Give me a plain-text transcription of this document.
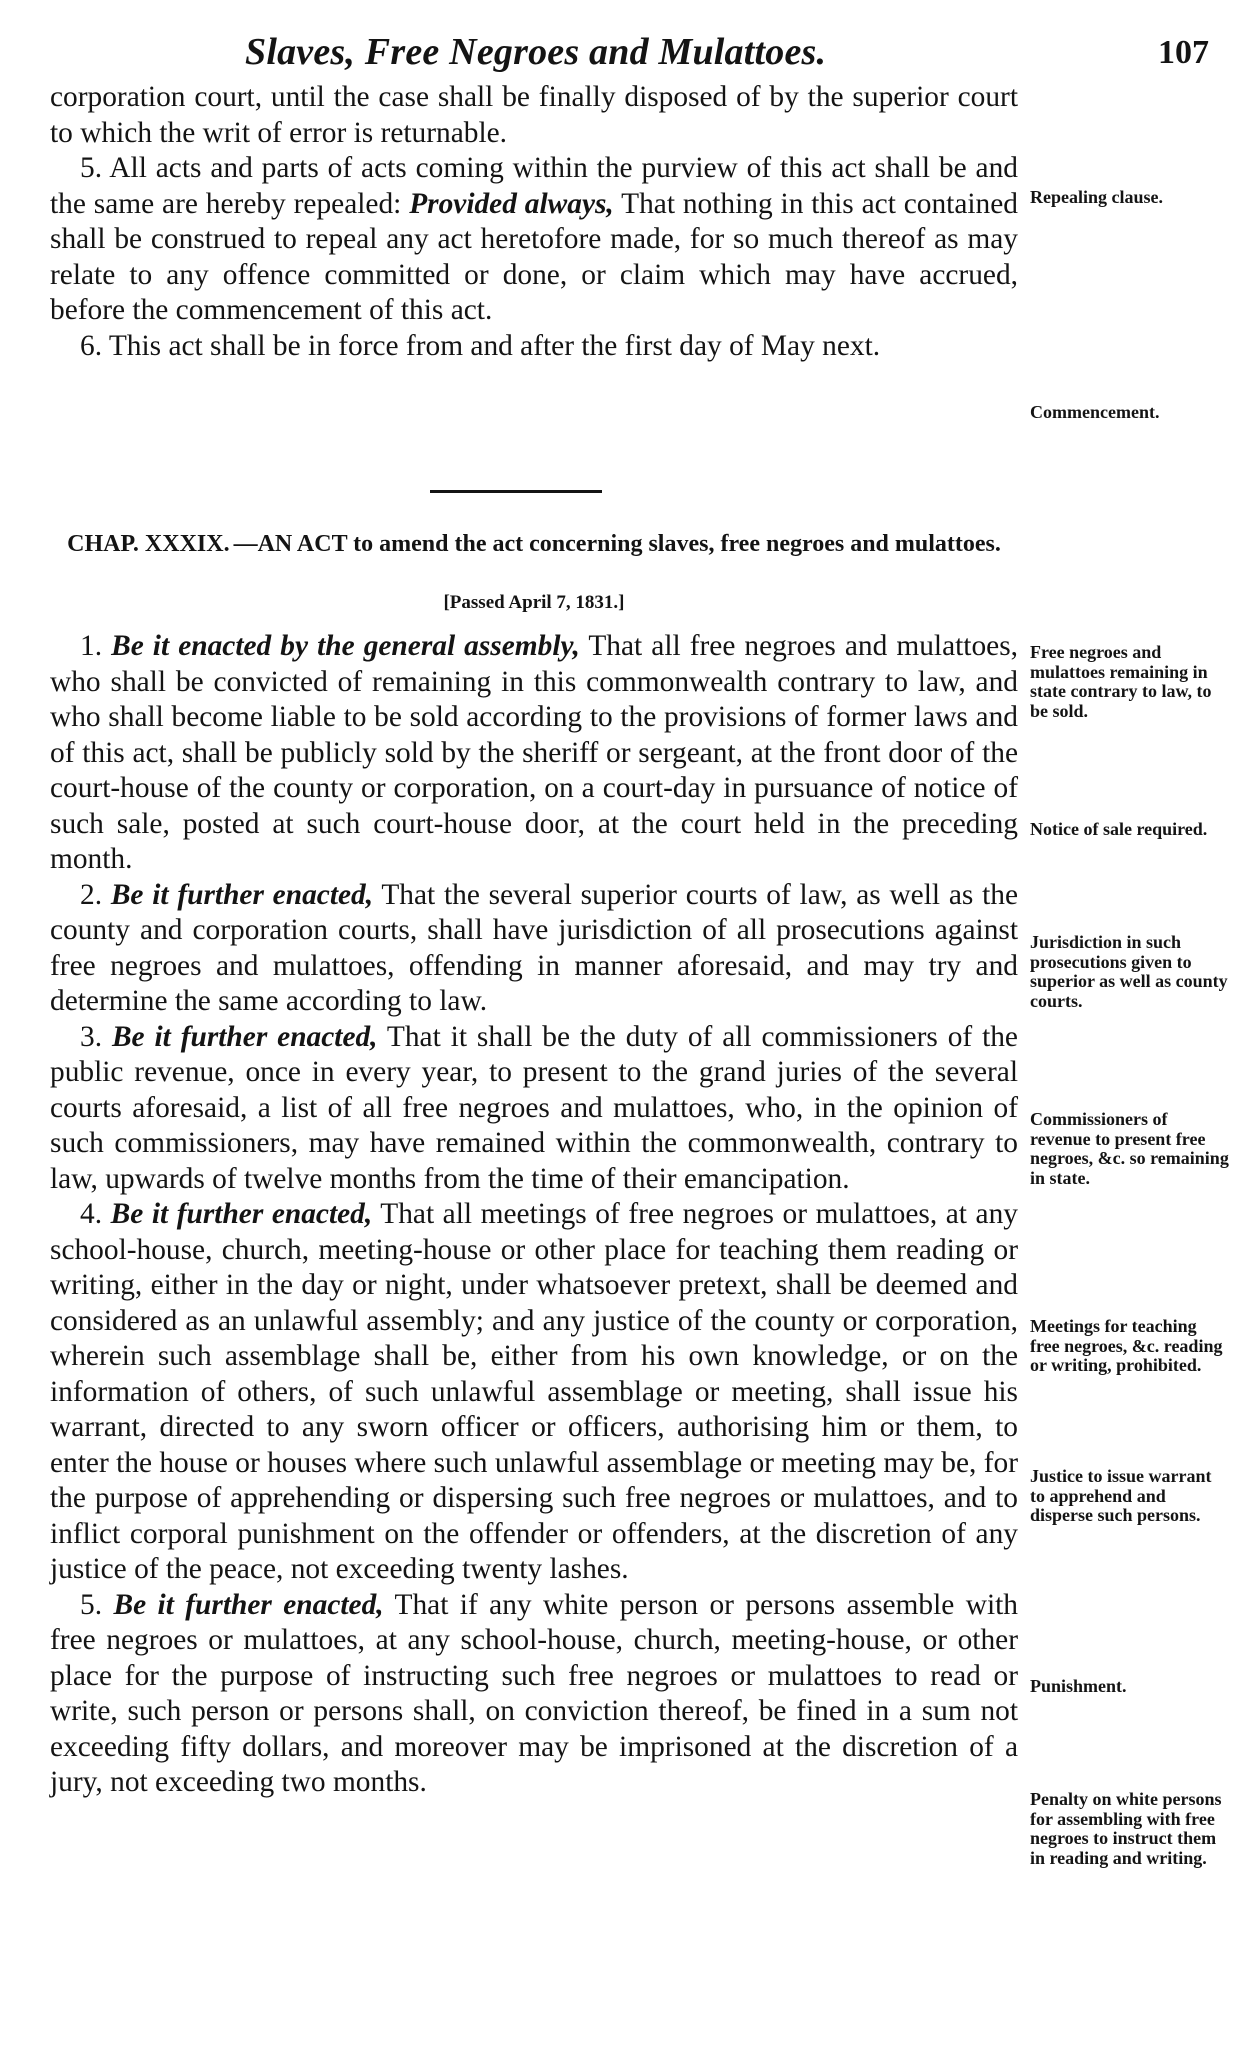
Slaves, Free Negroes and Mulattoes.	107

corporation court, until the case shall be finally disposed of by the superior court to which the writ of error is returnable.

5. All acts and parts of acts coming within the purview of this act shall be and the same are hereby repealed: Provided always, That nothing in this act contained shall be construed to repeal any act heretofore made, for so much thereof as may relate to any offence committed or done, or claim which may have accrued, before the commencement of this act.

6. This act shall be in force from and after the first day of May next.

CHAP. XXXIX. —AN ACT to amend the act concerning slaves, free negroes and mulattoes.
[Passed April 7, 1831.]

1. Be it enacted by the general assembly, That all free negroes and mulattoes, who shall be convicted of remaining in this commonwealth contrary to law, and who shall become liable to be sold according to the provisions of former laws and of this act, shall be publicly sold by the sheriff or sergeant, at the front door of the court-house of the county or corporation, on a court-day in pursuance of notice of such sale, posted at such court-house door, at the court held in the preceding month.

2. Be it further enacted, That the several superior courts of law, as well as the county and corporation courts, shall have jurisdiction of all prosecutions against free negroes and mulattoes, offending in manner aforesaid, and may try and determine the same according to law.

3. Be it further enacted, That it shall be the duty of all commissioners of the public revenue, once in every year, to present to the grand juries of the several courts aforesaid, a list of all free negroes and mulattoes, who, in the opinion of such commissioners, may have remained within the commonwealth, contrary to law, upwards of twelve months from the time of their emancipation.

4. Be it further enacted, That all meetings of free negroes or mulattoes, at any school-house, church, meeting-house or other place for teaching them reading or writing, either in the day or night, under whatsoever pretext, shall be deemed and considered as an unlawful assembly; and any justice of the county or corporation, wherein such assemblage shall be, either from his own knowledge, or on the information of others, of such unlawful assemblage or meeting, shall issue his warrant, directed to any sworn officer or officers, authorising him or them, to enter the house or houses where such unlawful assemblage or meeting may be, for the purpose of apprehending or dispersing such free negroes or mulattoes, and to inflict corporal punishment on the offender or offenders, at the discretion of any justice of the peace, not exceeding twenty lashes.

5. Be it further enacted, That if any white person or persons assemble with free negroes or mulattoes, at any school-house, church, meeting-house, or other place for the purpose of instructing such free negroes or mulattoes to read or write, such person or persons shall, on conviction thereof, be fined in a sum not exceeding fifty dollars, and moreover may be imprisoned at the discretion of a jury, not exceeding two months.

Repealing clause.
Commencement.
Free negroes and mulattoes remaining in state contrary to law, to be sold.
Notice of sale required.
Jurisdiction in such prosecutions given to superior as well as county courts.
Commissioners of revenue to present free negroes, &c. so remaining in state.
Meetings for teaching free negroes, &c. reading or writing, prohibited.
Justice to issue warrant to apprehend and disperse such persons.
Punishment.
Penalty on white persons for assembling with free negroes to instruct them in reading and writing.
